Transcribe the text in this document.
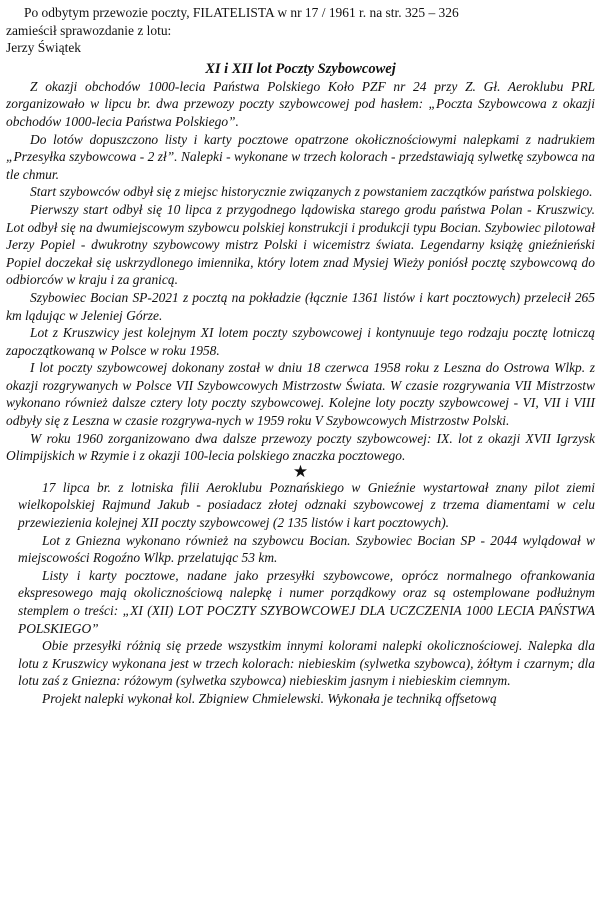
Po odbytym przewozie poczty, FILATELISTA w nr 17 / 1961 r. na str. 325 – 326

zamieścił sprawozdanie z lotu:

Jerzy Świątek

XI i XII lot Poczty Szybowcowej

Z okazji obchodów 1000-lecia Państwa Polskiego Koło PZF nr 24 przy Z. Gł. Aeroklubu PRL zorganizowało w lipcu br. dwa przewozy poczty szybowcowej pod hasłem: „Poczta Szybowcowa z okazji obchodów 1000-lecia Państwa Polskiego”.

Do lotów dopuszczono listy i karty pocztowe opatrzone okołicznościowymi nalepkami z nadrukiem „Przesyłka szybowcowa - 2 zł”. Nalepki - wykonane w trzech kolorach - przedstawiają sylwetkę szybowca na tle chmur.

Start szybowców odbył się z miejsc historycznie związanych z powstaniem zaczątków państwa polskiego.

Pierwszy start odbył się 10 lipca z przygodnego lądowiska starego grodu państwa Polan - Kruszwicy. Lot odbył się na dwumiejscowym szybowcu polskiej konstrukcji i produkcji typu Bocian. Szybowiec pilotował Jerzy Popiel - dwukrotny szybowcowy mistrz Polski i wicemistrz świata. Legendarny książę gnieźnieński Popiel doczekał się uskrzydlonego imiennika, który lotem znad Mysiej Wieży poniósł pocztę szybowcową do odbiorców w kraju i za granicą.

Szybowiec Bocian SP-2021 z pocztą na pokładzie (łącznie 1361 listów i kart pocztowych) przelecił 265 km lądując w Jeleniej Górze.

Lot z Kruszwicy jest kolejnym XI lotem poczty szybowcowej i kontynuuje tego rodzaju pocztę lotniczą zapoczątkowaną w Polsce w roku 1958.

I lot poczty szybowcowej dokonany został w dniu 18 czerwca 1958 roku z Leszna do Ostrowa Wlkp. z okazji rozgrywanych w Polsce VII Szybowcowych Mistrzostw Świata. W czasie rozgrywania VII Mistrzostw wykonano również dalsze cztery loty poczty szybowcowej. Kolejne loty poczty szybowcowej - VI, VII i VIII odbyły się z Leszna w czasie rozgrywa-nych w 1959 roku V Szybowcowych Mistrzostw Polski.

W roku 1960 zorganizowano dwa dalsze przewozy poczty szybowcowej: IX. lot z okazji XVII Igrzysk Olimpijskich w Rzymie i z okazji 100-lecia polskiego znaczka pocztowego.

★

17 lipca br. z lotniska filii Aeroklubu Poznańskiego w Gnieźnie wystartował znany pilot ziemi wielkopolskiej Rajmund Jakub - posiadacz złotej odznaki szybowcowej z trzema diamentami w celu przewiezienia kolejnej XII poczty szybowcowej (2 135 listów i kart pocztowych).

Lot z Gniezna wykonano również na szybowcu Bocian. Szybowiec Bocian SP - 2044 wylądował w miejscowości Rogoźno Wlkp. przelatując 53 km.

Listy i karty pocztowe, nadane jako przesyłki szybowcowe, oprócz normalnego ofrankowania ekspresowego mają okolicznościową nalepkę i numer porządkowy oraz są ostemplowane podłużnym stemplem o treści: „XI (XII) LOT POCZTY SZYBOWCOWEJ DLA UCZCZENIA 1000 LECIA PAŃSTWA POLSKIEGO”

Obie przesyłki różnią się przede wszystkim innymi kolorami nalepki okolicznościowej. Nalepka dla lotu z Kruszwicy wykonana jest w trzech kolorach: niebieskim (sylwetka szybowca), żółtym i czarnym; dla lotu zaś z Gniezna: różowym (sylwetka szybowca) niebieskim jasnym i niebieskim ciemnym.

Projekt nalepki wykonał kol. Zbigniew Chmielewski. Wykonała je techniką offsetową
